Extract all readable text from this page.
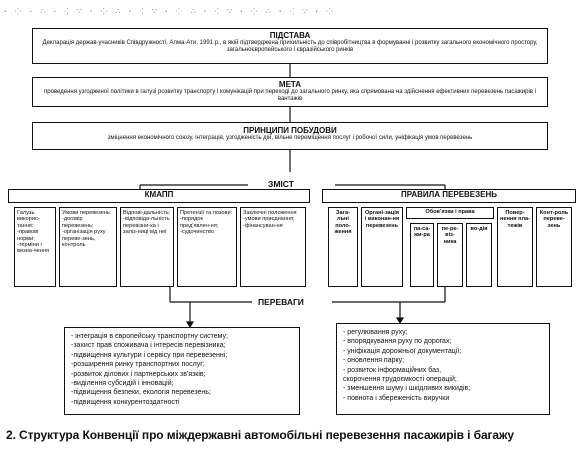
ꞏ ⁘ ꞏ ∴ ꞏ ⁖ ∵ ꞏ ⁘ ∴ ꞏ ⁖ ∵ ꞏ ⁘ ∴ ꞏ ⁖ ∵ ꞏ ⁘ ∴ ꞏ ⁖ ∵ ꞏ ⁘
ПІДСТАВА
Декларація держав-учасників Співдружності, Алма-Ати, 1991 р., в якій підтверджена прихильність до співробітництва в формуванні і розвитку загального економічного простору, загальноєвропейського і євразійського ринків
МЕТА
проведення узгодженої політики в галузі розвитку транспорту і комунікацій при переході до загального ринку, яка спрямована на здійснення ефективних перевезень пасажирів і вантажів
ПРИНЦИПИ ПОБУДОВИ
зміцнення економічного союзу, інтеграція, узгодженість дій, вільне переміщення послуг і робочої сили, уніфікація умов перевезень
ЗМІСТ
КМАПП
Галузь викорис-тання: -правові норми; -терміни і визна-чення
Умови перевезень: -договір перевезень; -організація руху переве-зень, контроль
Відпові-дальність: -відповіда-льність перевізни-ка і заліз-ниці від неї
Претензії та позови: -порядок пред'явлен-ня; -судочинство
Заключні положення -умови приєднання; -фінансуван-ня
ПРАВИЛА ПЕРЕВЕЗЕНЬ
Зага-льні поло-ження
Органі-зація і виконан-ня перевезень
Обов'язки і права
па-са-жи-ра
пе-ре-віз-ника
во-дія
Повер-нення пла-тежів
Конт-роль переве-зень
ПЕРЕВАГИ
- інтеграція в європейську транспортну систему;
-захист прав споживача і інтересів перевізника;
-підвищення культури і сервісу при перевезенні;
-розширення ринку транспортних послуг;
-розвиток ділових і партнерських зв'язків;
-виділення субсидій і інновацій;
-підвищення безпеки, екологія перевезень;
-підвищення конкурентоздатності
- регулювання руху;
- впорядкування руху по дорогах;
- уніфікація дорожньої документації;
- оновлення парку;
- розвиток інформаційних баз,
скорочення трудоємкості операцій;
- зменшення шуму і шкідливих викидів;
- повнота і збереженість виручки
2. Структура Конвенції про міждержавні автомобільні перевезення пасажирів і багажу
